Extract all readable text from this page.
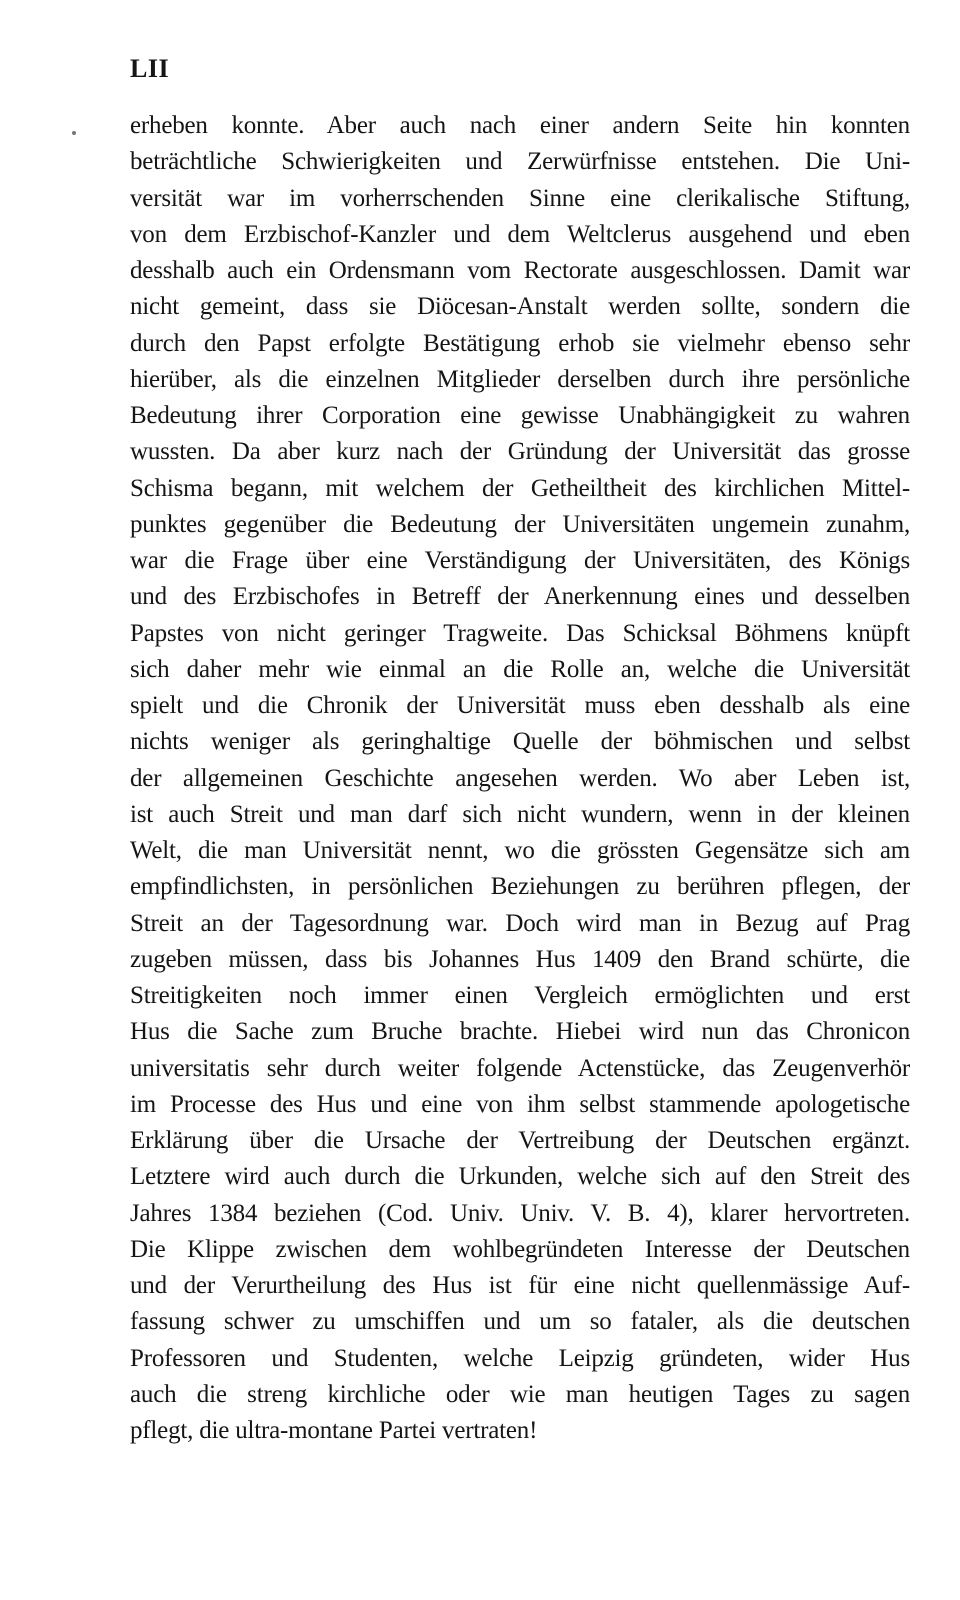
LII
erheben konnte. Aber auch nach einer andern Seite hin konnten
beträchtliche Schwierigkeiten und Zerwürfnisse entstehen. Die Uni-
versität war im vorherrschenden Sinne eine clerikalische Stiftung,
von dem Erzbischof-Kanzler und dem Weltclerus ausgehend und eben
desshalb auch ein Ordensmann vom Rectorate ausgeschlossen. Damit war
nicht gemeint, dass sie Diöcesan-Anstalt werden sollte, sondern die
durch den Papst erfolgte Bestätigung erhob sie vielmehr ebenso sehr
hierüber, als die einzelnen Mitglieder derselben durch ihre persönliche
Bedeutung ihrer Corporation eine gewisse Unabhängigkeit zu wahren
wussten. Da aber kurz nach der Gründung der Universität das grosse
Schisma begann, mit welchem der Getheiltheit des kirchlichen Mittel-
punktes gegenüber die Bedeutung der Universitäten ungemein zunahm,
war die Frage über eine Verständigung der Universitäten, des Königs
und des Erzbischofes in Betreff der Anerkennung eines und desselben
Papstes von nicht geringer Tragweite. Das Schicksal Böhmens knüpft
sich daher mehr wie einmal an die Rolle an, welche die Universität
spielt und die Chronik der Universität muss eben desshalb als eine
nichts weniger als geringhaltige Quelle der böhmischen und selbst
der allgemeinen Geschichte angesehen werden. Wo aber Leben ist,
ist auch Streit und man darf sich nicht wundern, wenn in der kleinen
Welt, die man Universität nennt, wo die grössten Gegensätze sich am
empfindlichsten, in persönlichen Beziehungen zu berühren pflegen, der
Streit an der Tagesordnung war. Doch wird man in Bezug auf Prag
zugeben müssen, dass bis Johannes Hus 1409 den Brand schürte, die
Streitigkeiten noch immer einen Vergleich ermöglichten und erst
Hus die Sache zum Bruche brachte. Hiebei wird nun das Chronicon
universitatis sehr durch weiter folgende Actenstücke, das Zeugenverhör
im Processe des Hus und eine von ihm selbst stammende apologetische
Erklärung über die Ursache der Vertreibung der Deutschen ergänzt.
Letztere wird auch durch die Urkunden, welche sich auf den Streit des
Jahres 1384 beziehen (Cod. Univ. Univ. V. B. 4), klarer hervortreten.
Die Klippe zwischen dem wohlbegründeten Interesse der Deutschen
und der Verurtheilung des Hus ist für eine nicht quellenmässige Auf-
fassung schwer zu umschiffen und um so fataler, als die deutschen
Professoren und Studenten, welche Leipzig gründeten, wider Hus
auch die streng kirchliche oder wie man heutigen Tages zu sagen
pflegt, die ultra-montane Partei vertraten!
